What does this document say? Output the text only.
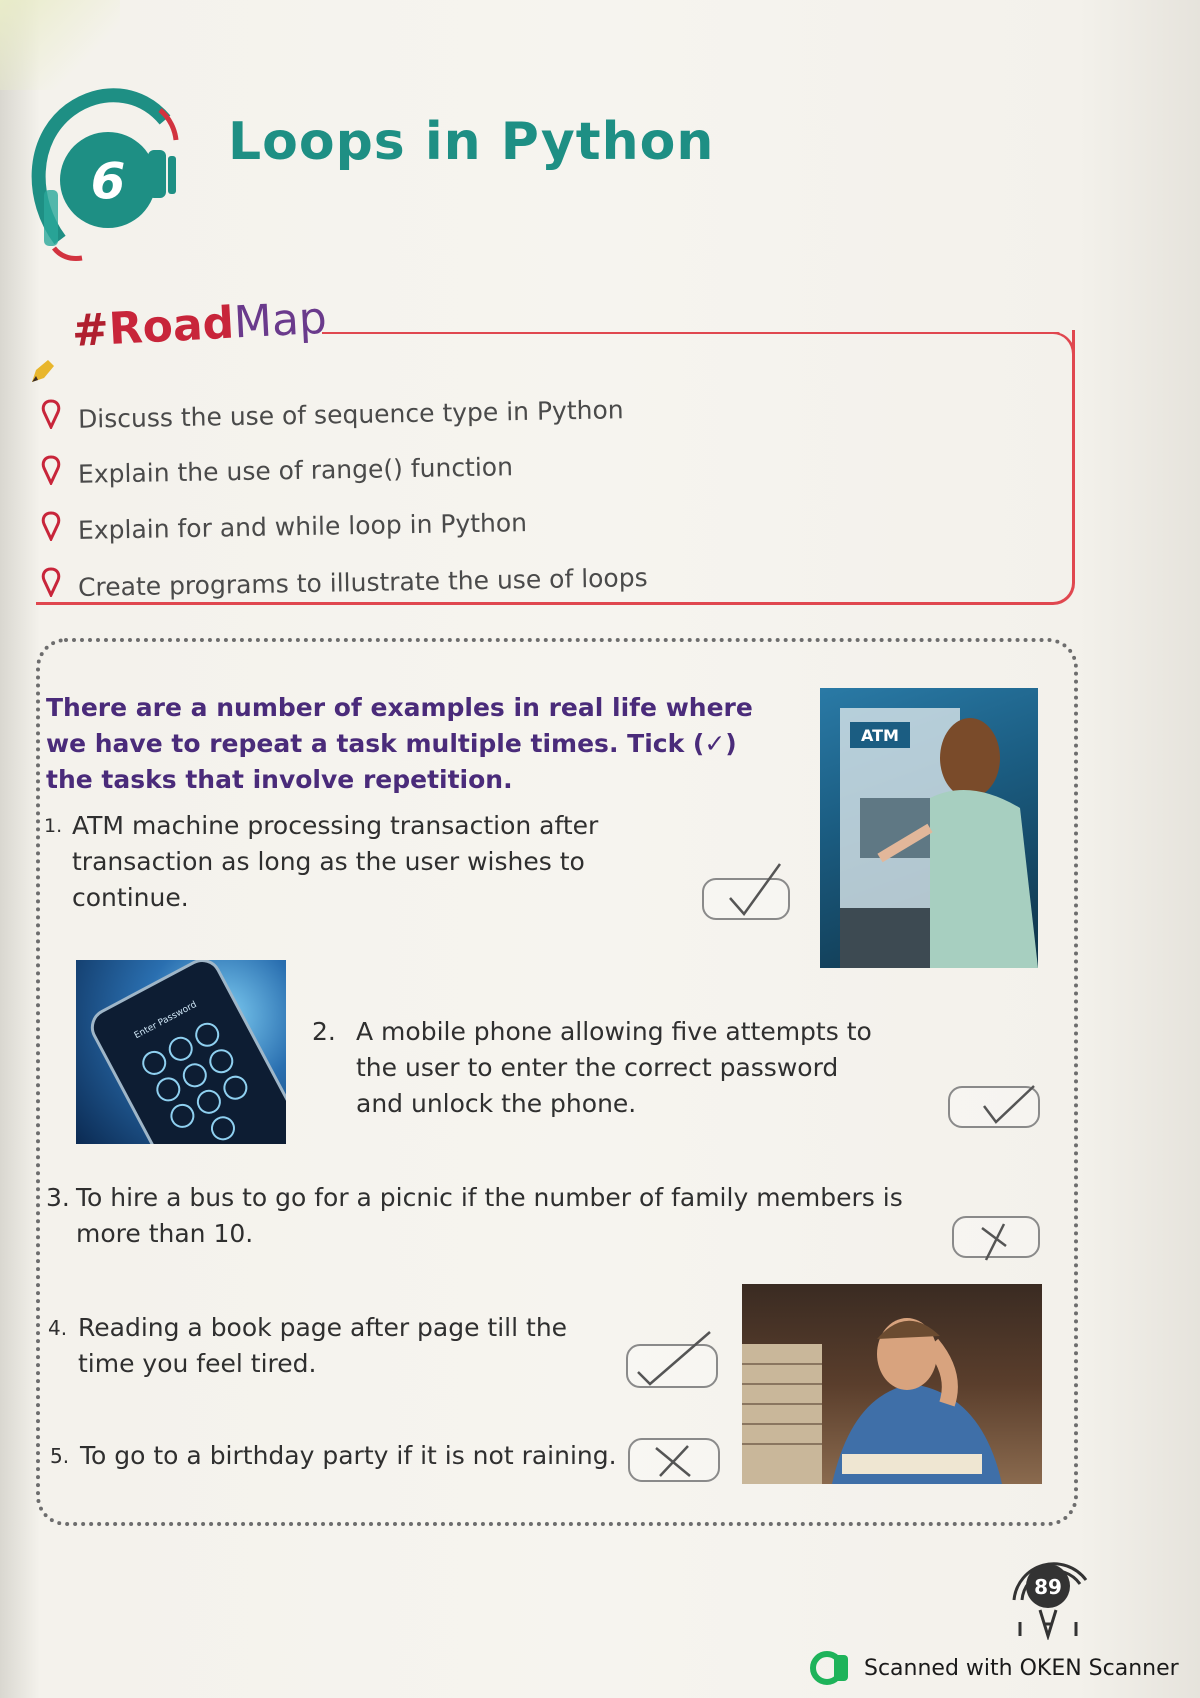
6
Loops in Python
#RoadMap
Discuss the use of sequence type in Python
Explain the use of range() function
Explain for and while loop in Python
Create programs to illustrate the use of loops
There are a number of examples in real life where we have to repeat a task multiple times. Tick (✓) the tasks that involve repetition.
ATM
1. ATM machine processing transaction after transaction as long as the user wishes to continue.
Enter Password	2. A mobile phone allowing five attempts to the user to enter the correct password and unlock the phone.
3. To hire a bus to go for a picnic if the number of family members is more than 10.
4. Reading a book page after page till the time you feel tired.
5. To go to a birthday party if it is not raining.
89
Scanned with OKEN Scanner
